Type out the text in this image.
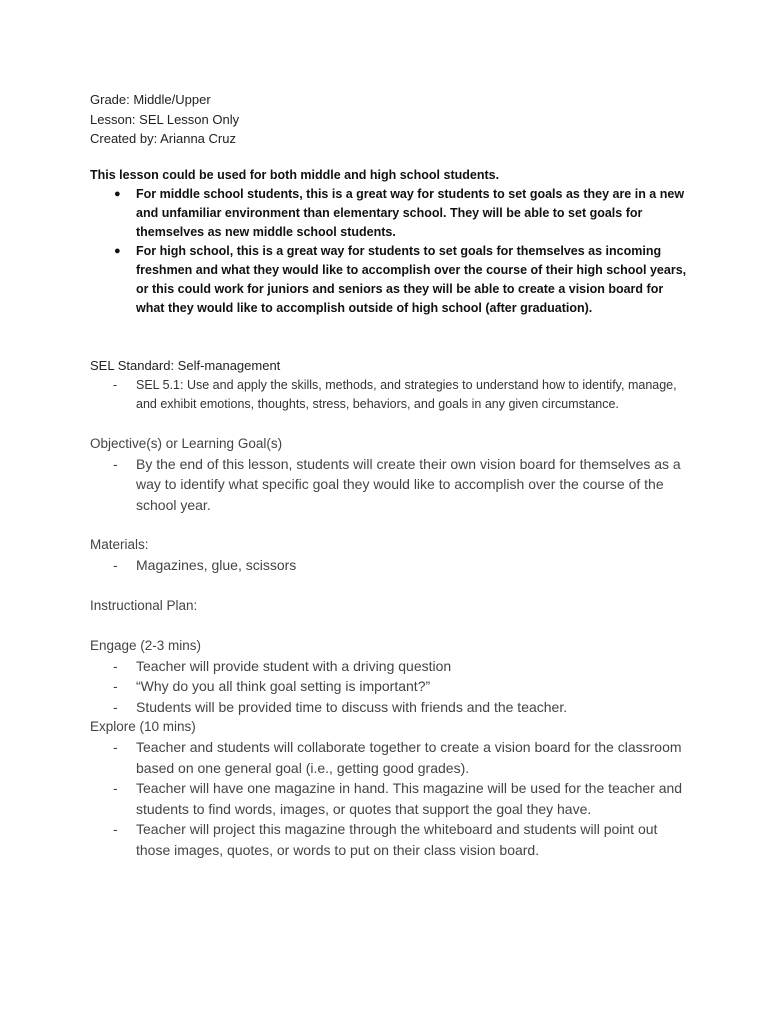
Grade: Middle/Upper
Lesson: SEL Lesson Only
Created by: Arianna Cruz
This lesson could be used for both middle and high school students.
● For middle school students, this is a great way for students to set goals as they are in a new and unfamiliar environment than elementary school. They will be able to set goals for themselves as new middle school students.
● For high school, this is a great way for students to set goals for themselves as incoming freshmen and what they would like to accomplish over the course of their high school years, or this could work for juniors and seniors as they will be able to create a vision board for what they would like to accomplish outside of high school (after graduation).
SEL Standard: Self-management
- SEL 5.1: Use and apply the skills, methods, and strategies to understand how to identify, manage, and exhibit emotions, thoughts, stress, behaviors, and goals in any given circumstance.
Objective(s) or Learning Goal(s)
- By the end of this lesson, students will create their own vision board for themselves as a way to identify what specific goal they would like to accomplish over the course of the school year.
Materials:
- Magazines, glue, scissors
Instructional Plan:
Engage (2-3 mins)
- Teacher will provide student with a driving question
- “Why do you all think goal setting is important?”
- Students will be provided time to discuss with friends and the teacher.
Explore (10 mins)
- Teacher and students will collaborate together to create a vision board for the classroom based on one general goal (i.e., getting good grades).
- Teacher will have one magazine in hand. This magazine will be used for the teacher and students to find words, images, or quotes that support the goal they have.
- Teacher will project this magazine through the whiteboard and students will point out those images, quotes, or words to put on their class vision board.
